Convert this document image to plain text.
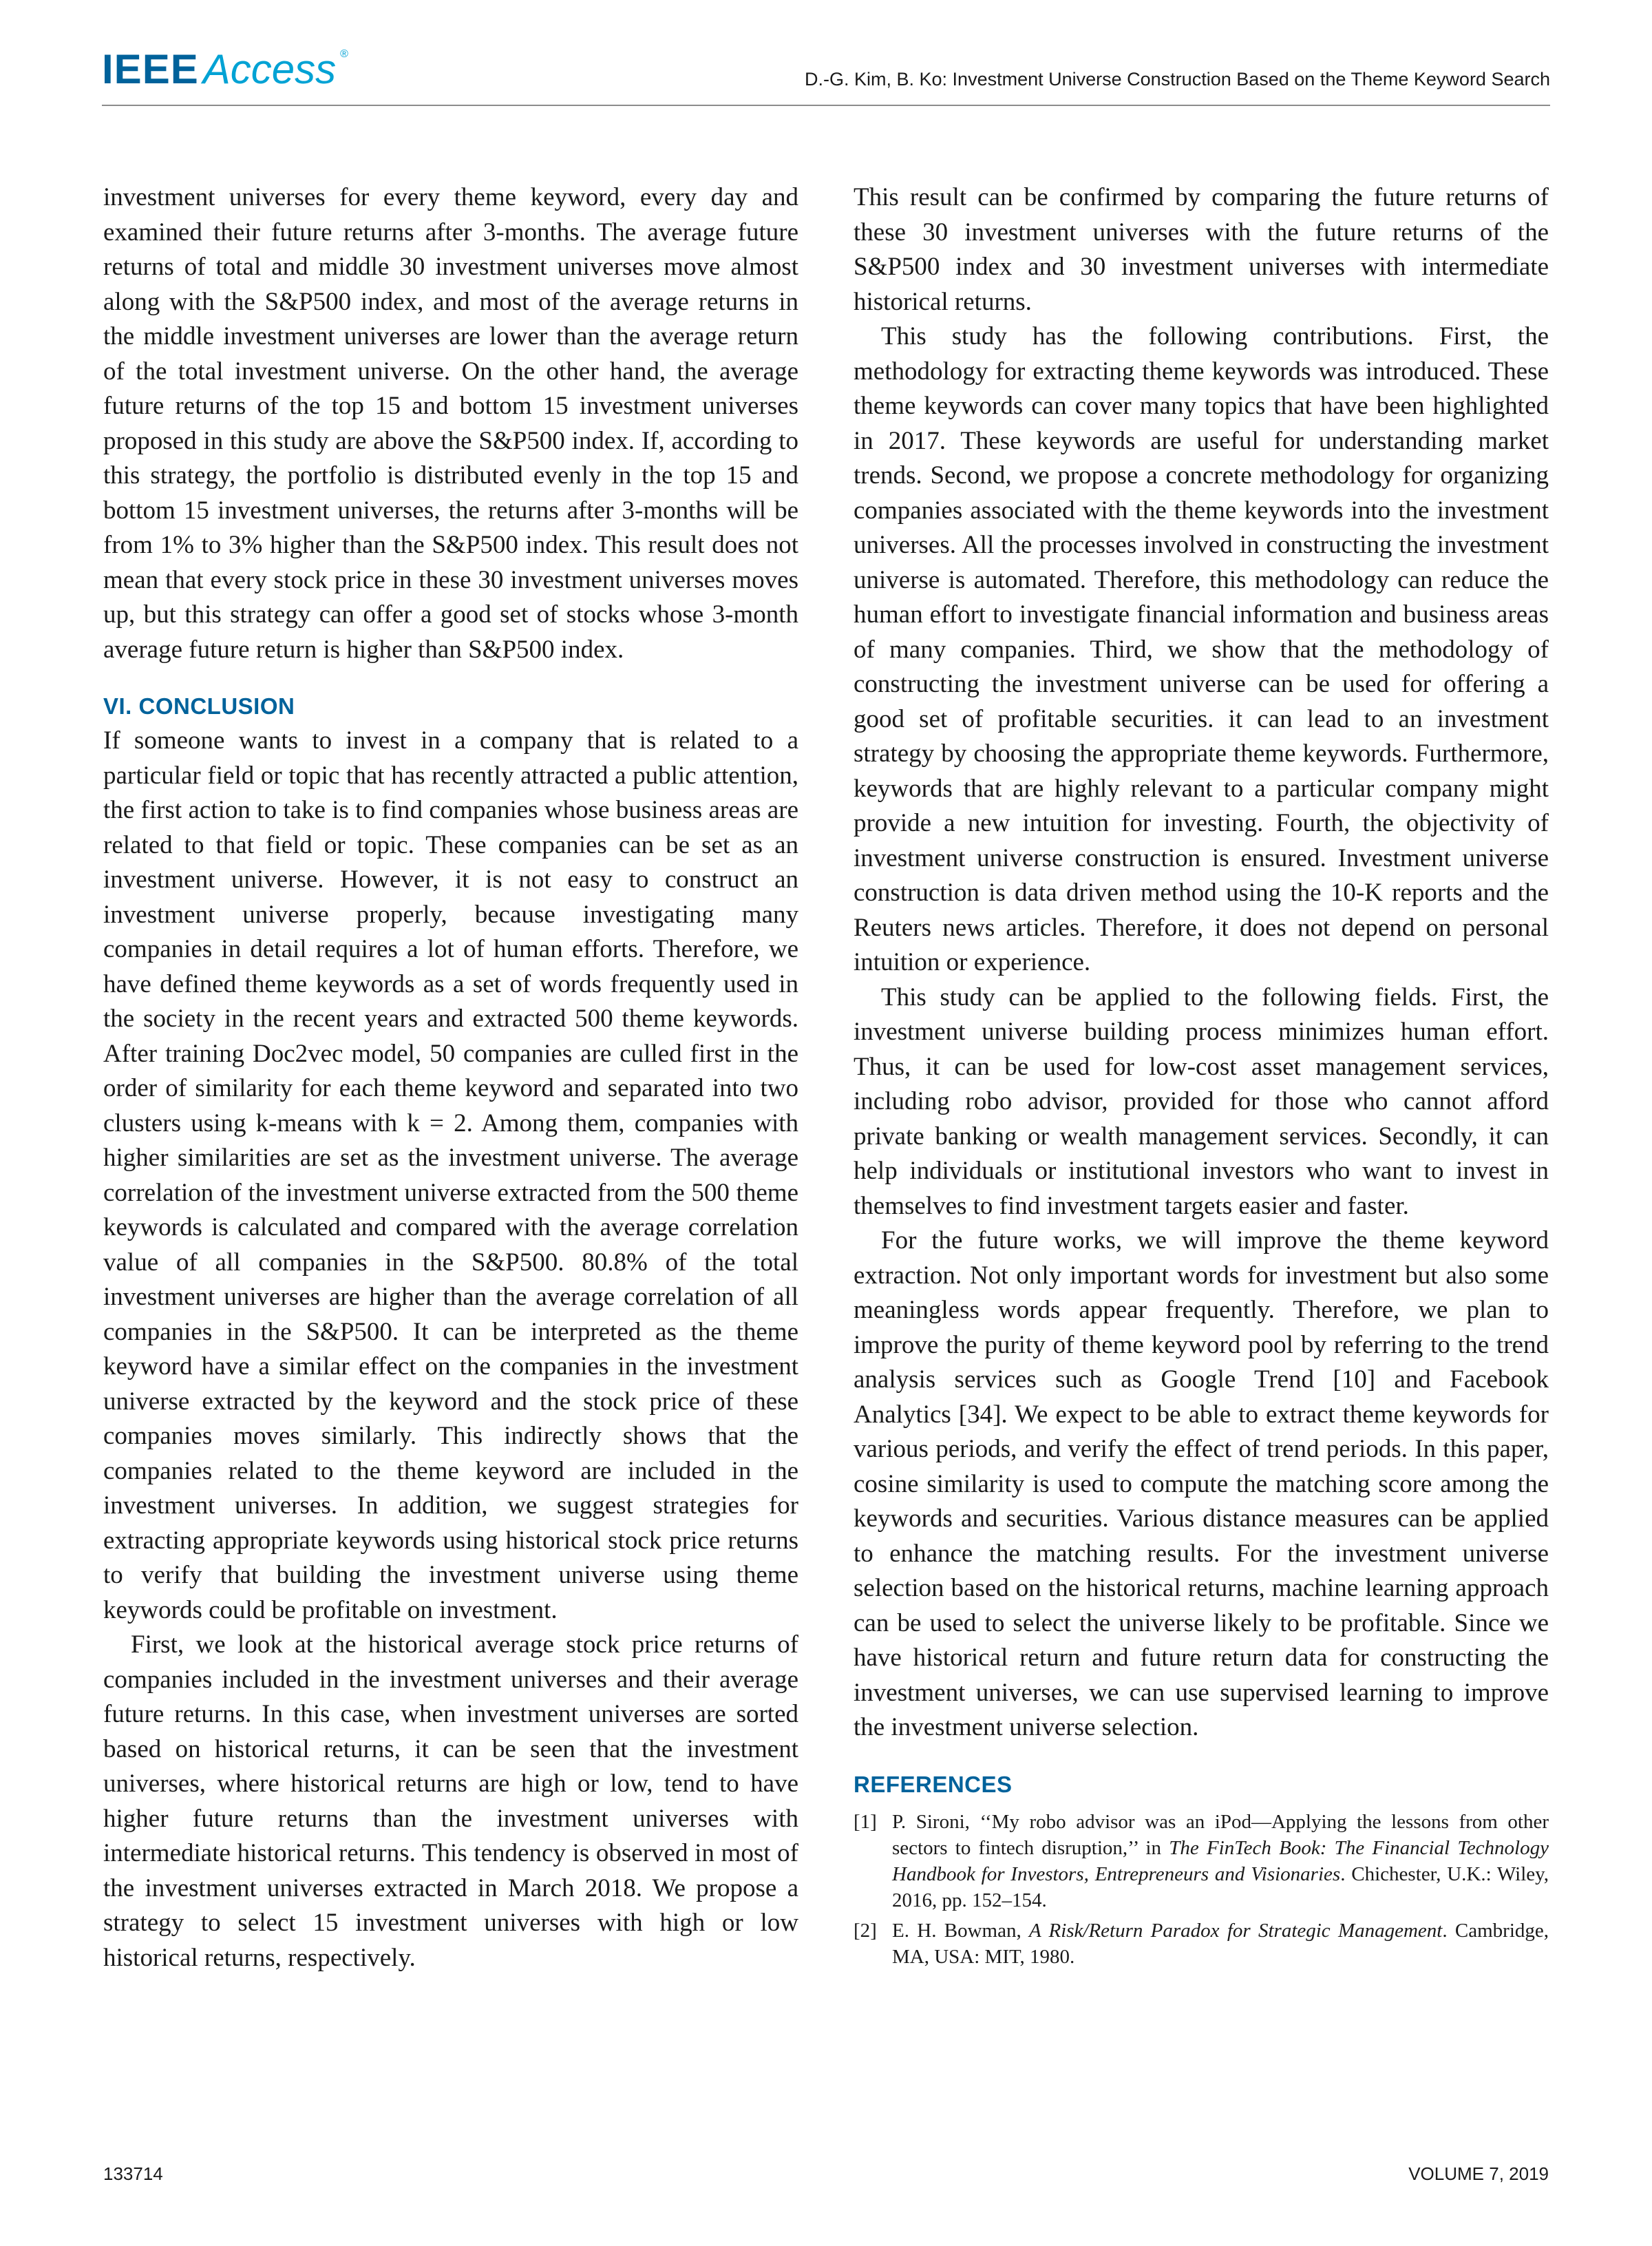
IEEE Access ®
D.-G. Kim, B. Ko: Investment Universe Construction Based on the Theme Keyword Search

investment universes for every theme keyword, every day and examined their future returns after 3-months. The average future returns of total and middle 30 investment universes move almost along with the S&P500 index, and most of the average returns in the middle investment universes are lower than the average return of the total investment universe. On the other hand, the average future returns of the top 15 and bottom 15 investment universes proposed in this study are above the S&P500 index. If, according to this strategy, the portfolio is distributed evenly in the top 15 and bottom 15 investment universes, the returns after 3-months will be from 1% to 3% higher than the S&P500 index. This result does not mean that every stock price in these 30 investment universes moves up, but this strategy can offer a good set of stocks whose 3-month average future return is higher than S&P500 index.

VI. CONCLUSION

If someone wants to invest in a company that is related to a particular field or topic that has recently attracted a public attention, the first action to take is to find companies whose business areas are related to that field or topic. These companies can be set as an investment universe. However, it is not easy to construct an investment universe properly, because investigating many companies in detail requires a lot of human efforts. Therefore, we have defined theme keywords as a set of words frequently used in the society in the recent years and extracted 500 theme keywords. After training Doc2vec model, 50 companies are culled first in the order of similarity for each theme keyword and separated into two clusters using k-means with k = 2. Among them, companies with higher similarities are set as the investment universe. The average correlation of the investment universe extracted from the 500 theme keywords is calculated and compared with the average correlation value of all companies in the S&P500. 80.8% of the total investment universes are higher than the average correlation of all companies in the S&P500. It can be interpreted as the theme keyword have a similar effect on the companies in the investment universe extracted by the keyword and the stock price of these companies moves similarly. This indirectly shows that the companies related to the theme keyword are included in the investment universes. In addition, we suggest strategies for extracting appropriate keywords using historical stock price returns to verify that building the investment universe using theme keywords could be profitable on investment.

First, we look at the historical average stock price returns of companies included in the investment universes and their average future returns. In this case, when investment universes are sorted based on historical returns, it can be seen that the investment universes, where historical returns are high or low, tend to have higher future returns than the investment universes with intermediate historical returns. This tendency is observed in most of the investment universes extracted in March 2018. We propose a strategy to select 15 investment universes with high or low historical returns, respectively.

This result can be confirmed by comparing the future returns of these 30 investment universes with the future returns of the S&P500 index and 30 investment universes with intermediate historical returns.

This study has the following contributions. First, the methodology for extracting theme keywords was introduced. These theme keywords can cover many topics that have been highlighted in 2017. These keywords are useful for understanding market trends. Second, we propose a concrete methodology for organizing companies associated with the theme keywords into the investment universes. All the processes involved in constructing the investment universe is automated. Therefore, this methodology can reduce the human effort to investigate financial information and business areas of many companies. Third, we show that the methodology of constructing the investment universe can be used for offering a good set of profitable securities. it can lead to an investment strategy by choosing the appropriate theme keywords. Furthermore, keywords that are highly relevant to a particular company might provide a new intuition for investing. Fourth, the objectivity of investment universe construction is ensured. Investment universe construction is data driven method using the 10-K reports and the Reuters news articles. Therefore, it does not depend on personal intuition or experience.

This study can be applied to the following fields. First, the investment universe building process minimizes human effort. Thus, it can be used for low-cost asset management services, including robo advisor, provided for those who cannot afford private banking or wealth management services. Secondly, it can help individuals or institutional investors who want to invest in themselves to find investment targets easier and faster.

For the future works, we will improve the theme keyword extraction. Not only important words for investment but also some meaningless words appear frequently. Therefore, we plan to improve the purity of theme keyword pool by referring to the trend analysis services such as Google Trend [10] and Facebook Analytics [34]. We expect to be able to extract theme keywords for various periods, and verify the effect of trend periods. In this paper, cosine similarity is used to compute the matching score among the keywords and securities. Various distance measures can be applied to enhance the matching results. For the investment universe selection based on the historical returns, machine learning approach can be used to select the universe likely to be profitable. Since we have historical return and future return data for constructing the investment universes, we can use supervised learning to improve the investment universe selection.

REFERENCES
[1] P. Sironi, ‘‘My robo advisor was an iPod—Applying the lessons from other sectors to fintech disruption,’’ in The FinTech Book: The Financial Technology Handbook for Investors, Entrepreneurs and Visionaries. Chichester, U.K.: Wiley, 2016, pp. 152–154.
[2] E. H. Bowman, A Risk/Return Paradox for Strategic Management. Cambridge, MA, USA: MIT, 1980.
133714	VOLUME 7, 2019
